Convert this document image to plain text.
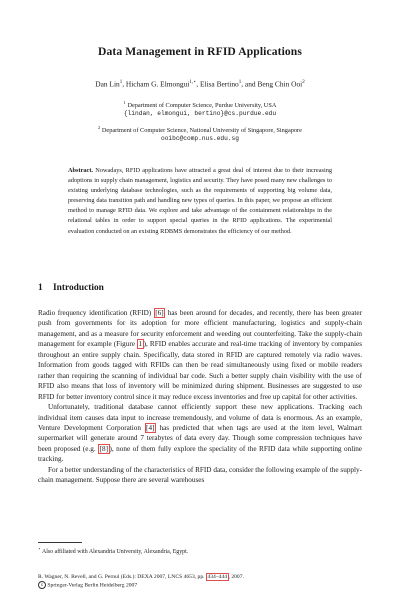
Data Management in RFID Applications
Dan Lin$^1$, Hicham G. Elmongui$^{1,⋆}$, Elisa Bertino$^1$, and Beng Chin Ooi$^2$
$^1$ Department of Computer Science, Purdue University, USA
{lindan, elmongui, bertino}@cs.purdue.edu
$^2$ Department of Computer Science, National University of Singapore, Singapore
ooibc@comp.nus.edu.sg
Abstract. Nowadays, RFID applications have attracted a great deal of interest due to their increasing adoptions in supply chain management, logistics and security. They have posed many new challenges to existing underlying database technologies, such as the requirements of supporting big volume data, preserving data transition path and handling new types of queries. In this paper, we propose an efficient method to manage RFID data. We explore and take advantage of the containment relationships in the relational tables in order to support special queries in the RFID applications. The experimental evaluation conducted on an existing RDBMS demonstrates the efficiency of our method.
1 Introduction

Radio frequency identification (RFID) [6] has been around for decades, and recently, there has been greater push from governments for its adoption for more efficient manufacturing, logistics and supply-chain management, and as a measure for security enforcement and weeding out counterfeiting. Take the supply-chain management for example (Figure 1 ), RFID enables accurate and real-time tracking of inventory by companies throughout an entire supply chain. Specifically, data stored in RFID are captured remotely via radio waves. Information from goods tagged with RFIDs can then be read simultaneously using fixed or mobile readers rather than requiring the scanning of individual bar code. Such a better supply chain visibility with the use of RFID also means that loss of inventory will be minimized during shipment. Businesses are suggested to use RFID for better inventory control since it may reduce excess inventories and free up capital for other activities.

Unfortunately, traditional database cannot efficiently support these new applications. Tracking each individual item causes data input to increase tremendously, and volume of data is enormous. As an example, Venture Development Corporation [4] has predicted that when tags are used at the item level, Walmart supermarket will generate around 7 terabytes of data every day. Though some compression techniques have been proposed (e.g. [8] ), none of them fully explore the speciality of the RFID data while supporting online tracking.

For a better understanding of the characteristics of RFID data, consider the following example of the supply-chain management. Suppose there are several warehouses

⋆ Also affiliated with Alexandria University, Alexandria, Egypt.
R. Wagner, N. Revell, and G. Pernul (Eds.): DEXA 2007, LNCS 4653, pp. 434–444 , 2007.
c Springer-Verlag Berlin Heidelberg 2007
